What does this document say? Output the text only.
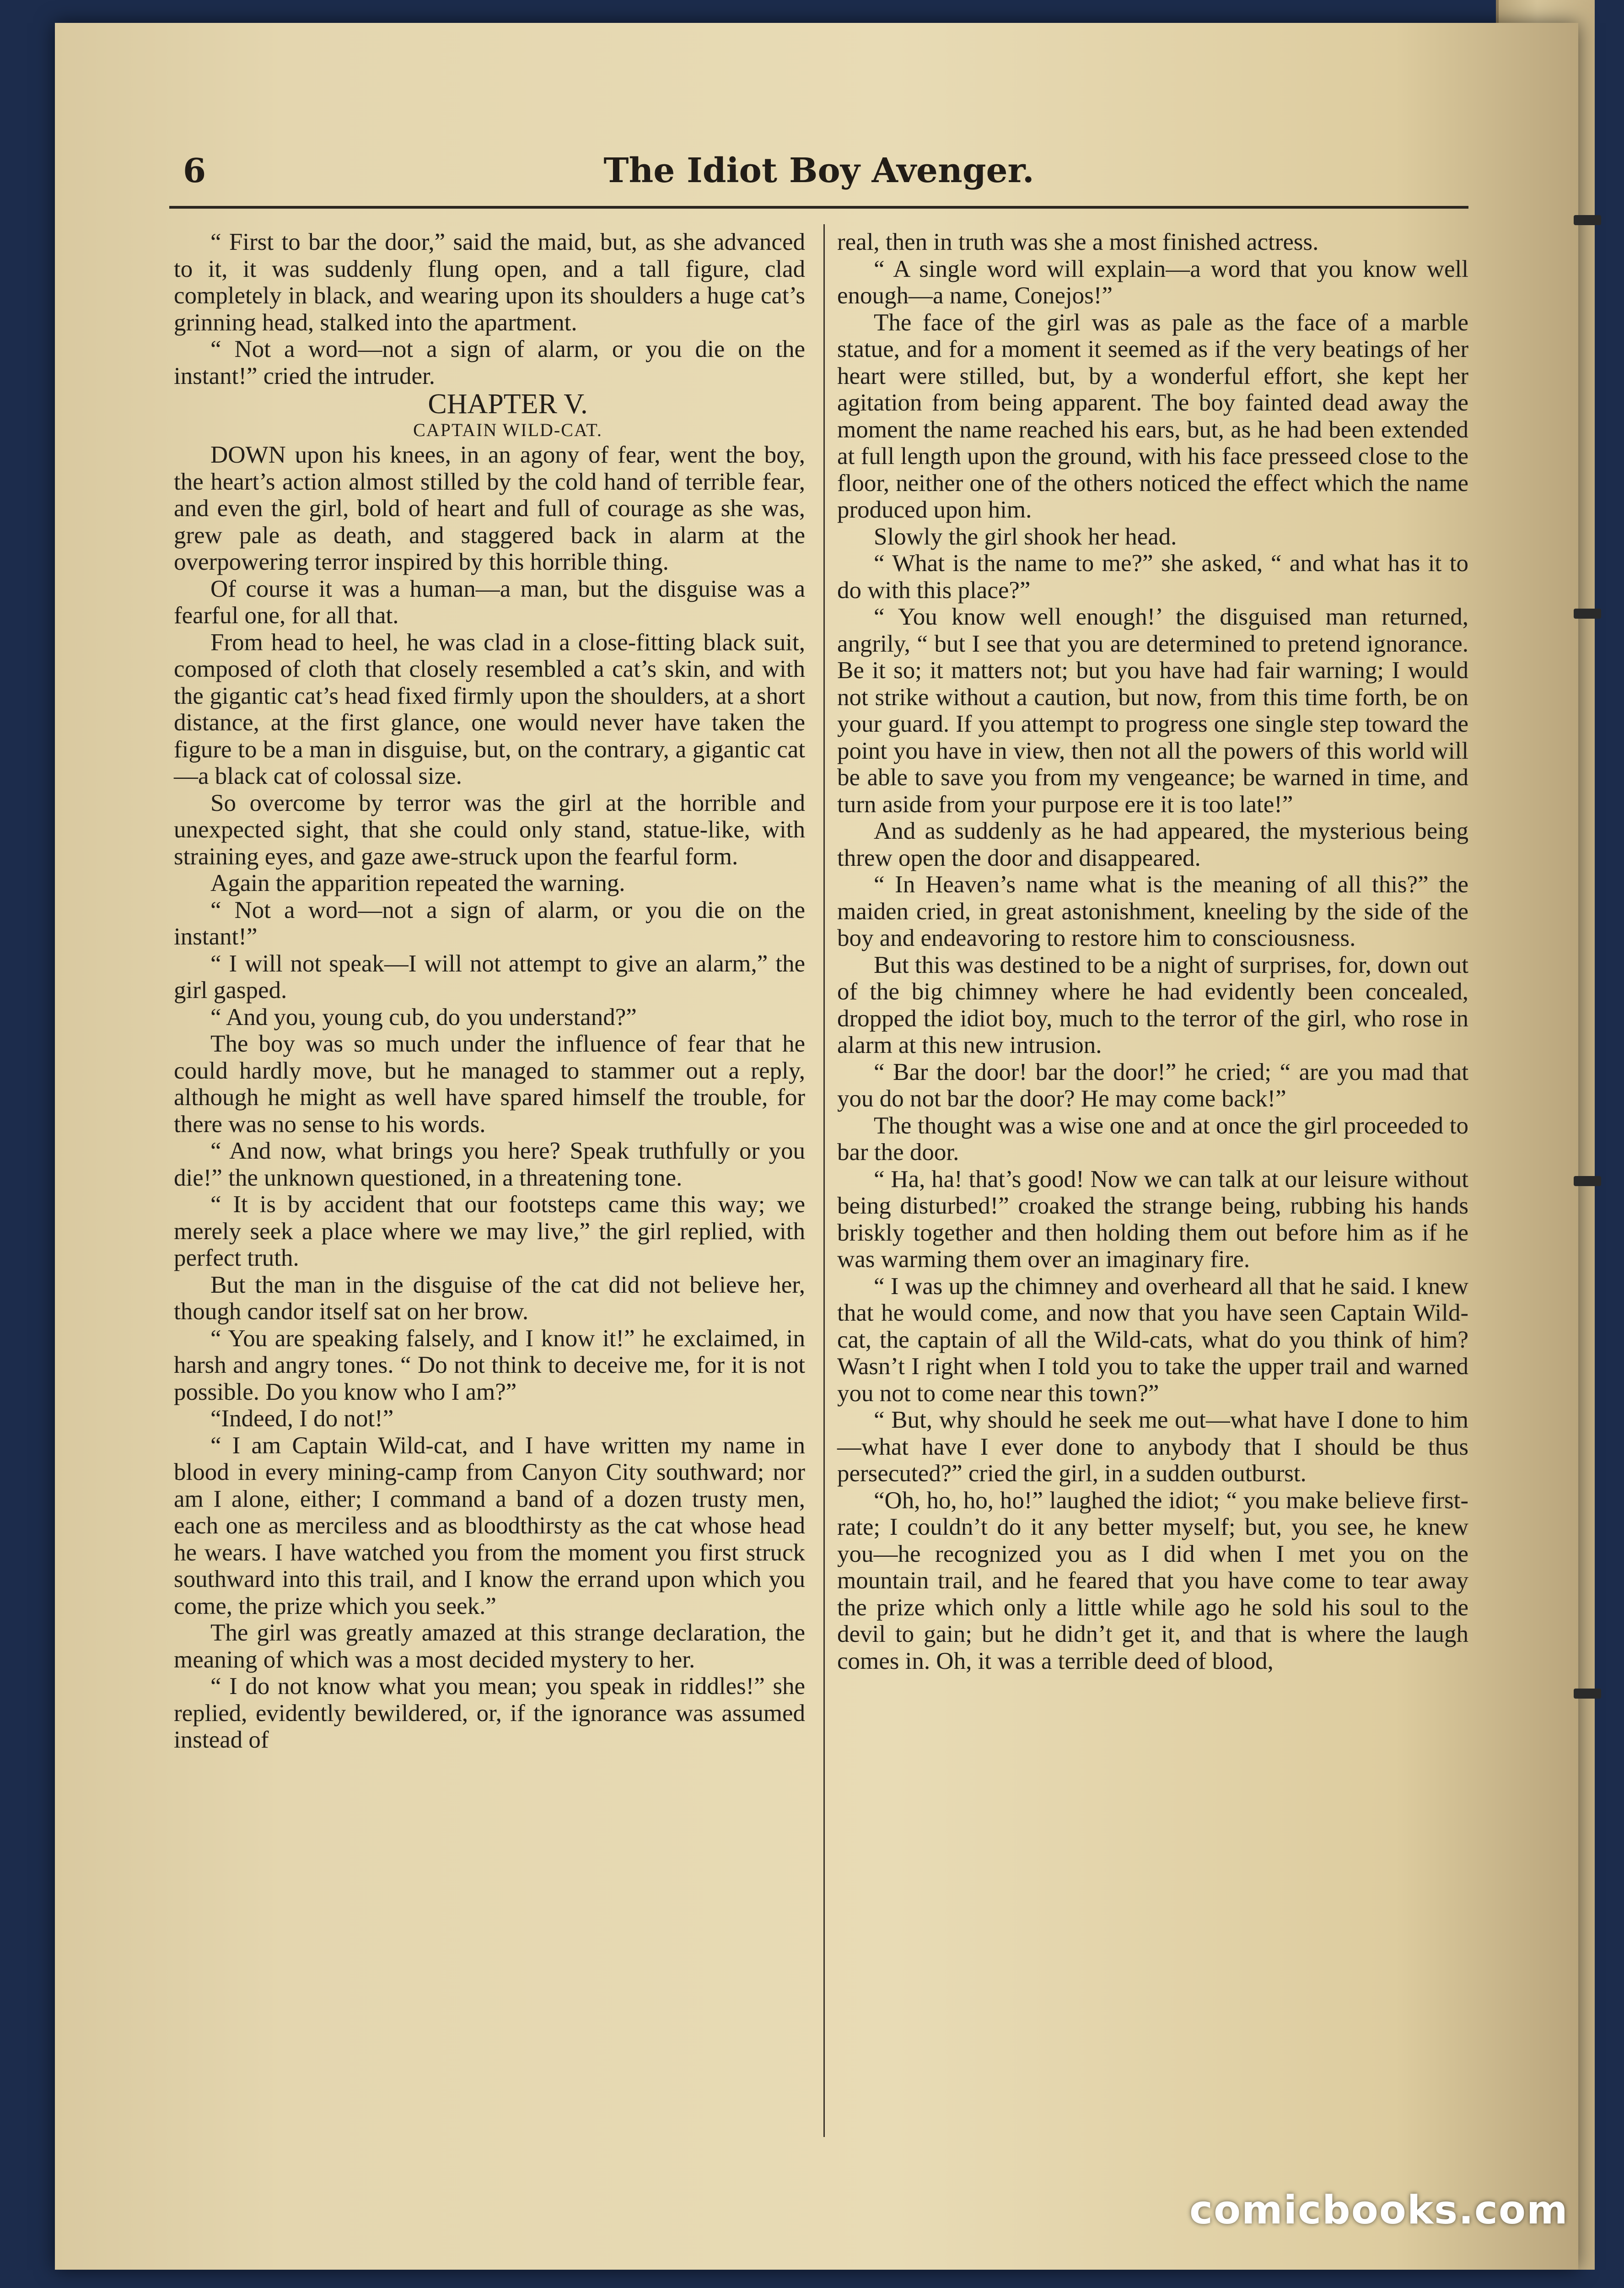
6	The Idiot Boy Avenger.

“ First to bar the door,” said the maid, but, as she advanced to it, it was suddenly flung open, and a tall figure, clad completely in black, and wearing upon its shoulders a huge cat’s grinning head, stalked into the apartment.

“ Not a word—not a sign of alarm, or you die on the instant!” cried the intruder.

CHAPTER V.

CAPTAIN WILD-CAT.

DOWN upon his knees, in an agony of fear, went the boy, the heart’s action almost stilled by the cold hand of terrible fear, and even the girl, bold of heart and full of courage as she was, grew pale as death, and staggered back in alarm at the overpowering terror inspired by this horrible thing.

Of course it was a human—a man, but the disguise was a fearful one, for all that.

From head to heel, he was clad in a close-fitting black suit, composed of cloth that closely resembled a cat’s skin, and with the gigantic cat’s head fixed firmly upon the shoulders, at a short distance, at the first glance, one would never have taken the figure to be a man in disguise, but, on the contrary, a gigantic cat—a black cat of colossal size.

So overcome by terror was the girl at the horrible and unexpected sight, that she could only stand, statue-like, with straining eyes, and gaze awe-struck upon the fearful form.

Again the apparition repeated the warning.

“ Not a word—not a sign of alarm, or you die on the instant!”

“ I will not speak—I will not attempt to give an alarm,” the girl gasped.

“ And you, young cub, do you understand?”

The boy was so much under the influence of fear that he could hardly move, but he managed to stammer out a reply, although he might as well have spared himself the trouble, for there was no sense to his words.

“ And now, what brings you here? Speak truthfully or you die!” the unknown questioned, in a threatening tone.

“ It is by accident that our footsteps came this way; we merely seek a place where we may live,” the girl replied, with perfect truth.

But the man in the disguise of the cat did not believe her, though candor itself sat on her brow.

“ You are speaking falsely, and I know it!” he exclaimed, in harsh and angry tones. “ Do not think to deceive me, for it is not possible. Do you know who I am?”

“Indeed, I do not!”

“ I am Captain Wild-cat, and I have written my name in blood in every mining-camp from Canyon City southward; nor am I alone, either; I command a band of a dozen trusty men, each one as merciless and as bloodthirsty as the cat whose head he wears. I have watched you from the moment you first struck southward into this trail, and I know the errand upon which you come, the prize which you seek.”

The girl was greatly amazed at this strange declaration, the meaning of which was a most decided mystery to her.

“ I do not know what you mean; you speak in riddles!” she replied, evidently bewildered, or, if the ignorance was assumed instead of

real, then in truth was she a most finished actress.

“ A single word will explain—a word that you know well enough—a name, Conejos!”

The face of the girl was as pale as the face of a marble statue, and for a moment it seemed as if the very beatings of her heart were stilled, but, by a wonderful effort, she kept her agitation from being apparent. The boy fainted dead away the moment the name reached his ears, but, as he had been extended at full length upon the ground, with his face presseed close to the floor, neither one of the others noticed the effect which the name produced upon him.

Slowly the girl shook her head.

“ What is the name to me?” she asked, “ and what has it to do with this place?”

“ You know well enough!’ the disguised man returned, angrily, “ but I see that you are determined to pretend ignorance. Be it so; it matters not; but you have had fair warning; I would not strike without a caution, but now, from this time forth, be on your guard. If you attempt to progress one single step toward the point you have in view, then not all the powers of this world will be able to save you from my vengeance; be warned in time, and turn aside from your purpose ere it is too late!”

And as suddenly as he had appeared, the mysterious being threw open the door and disappeared.

“ In Heaven’s name what is the meaning of all this?” the maiden cried, in great astonishment, kneeling by the side of the boy and endeavoring to restore him to consciousness.

But this was destined to be a night of surprises, for, down out of the big chimney where he had evidently been concealed, dropped the idiot boy, much to the terror of the girl, who rose in alarm at this new intrusion.

“ Bar the door! bar the door!” he cried; “ are you mad that you do not bar the door? He may come back!”

The thought was a wise one and at once the girl proceeded to bar the door.

“ Ha, ha! that’s good! Now we can talk at our leisure without being disturbed!” croaked the strange being, rubbing his hands briskly together and then holding them out before him as if he was warming them over an imaginary fire.

“ I was up the chimney and overheard all that he said. I knew that he would come, and now that you have seen Captain Wild-cat, the captain of all the Wild-cats, what do you think of him? Wasn’t I right when I told you to take the upper trail and warned you not to come near this town?”

“ But, why should he seek me out—what have I done to him—what have I ever done to anybody that I should be thus persecuted?” cried the girl, in a sudden outburst.

“Oh, ho, ho, ho!” laughed the idiot; “ you make believe first-rate; I couldn’t do it any better myself; but, you see, he knew you—he recognized you as I did when I met you on the mountain trail, and he feared that you have come to tear away the prize which only a little while ago he sold his soul to the devil to gain; but he didn’t get it, and that is where the laugh comes in. Oh, it was a terrible deed of blood,

comicbooks.com
